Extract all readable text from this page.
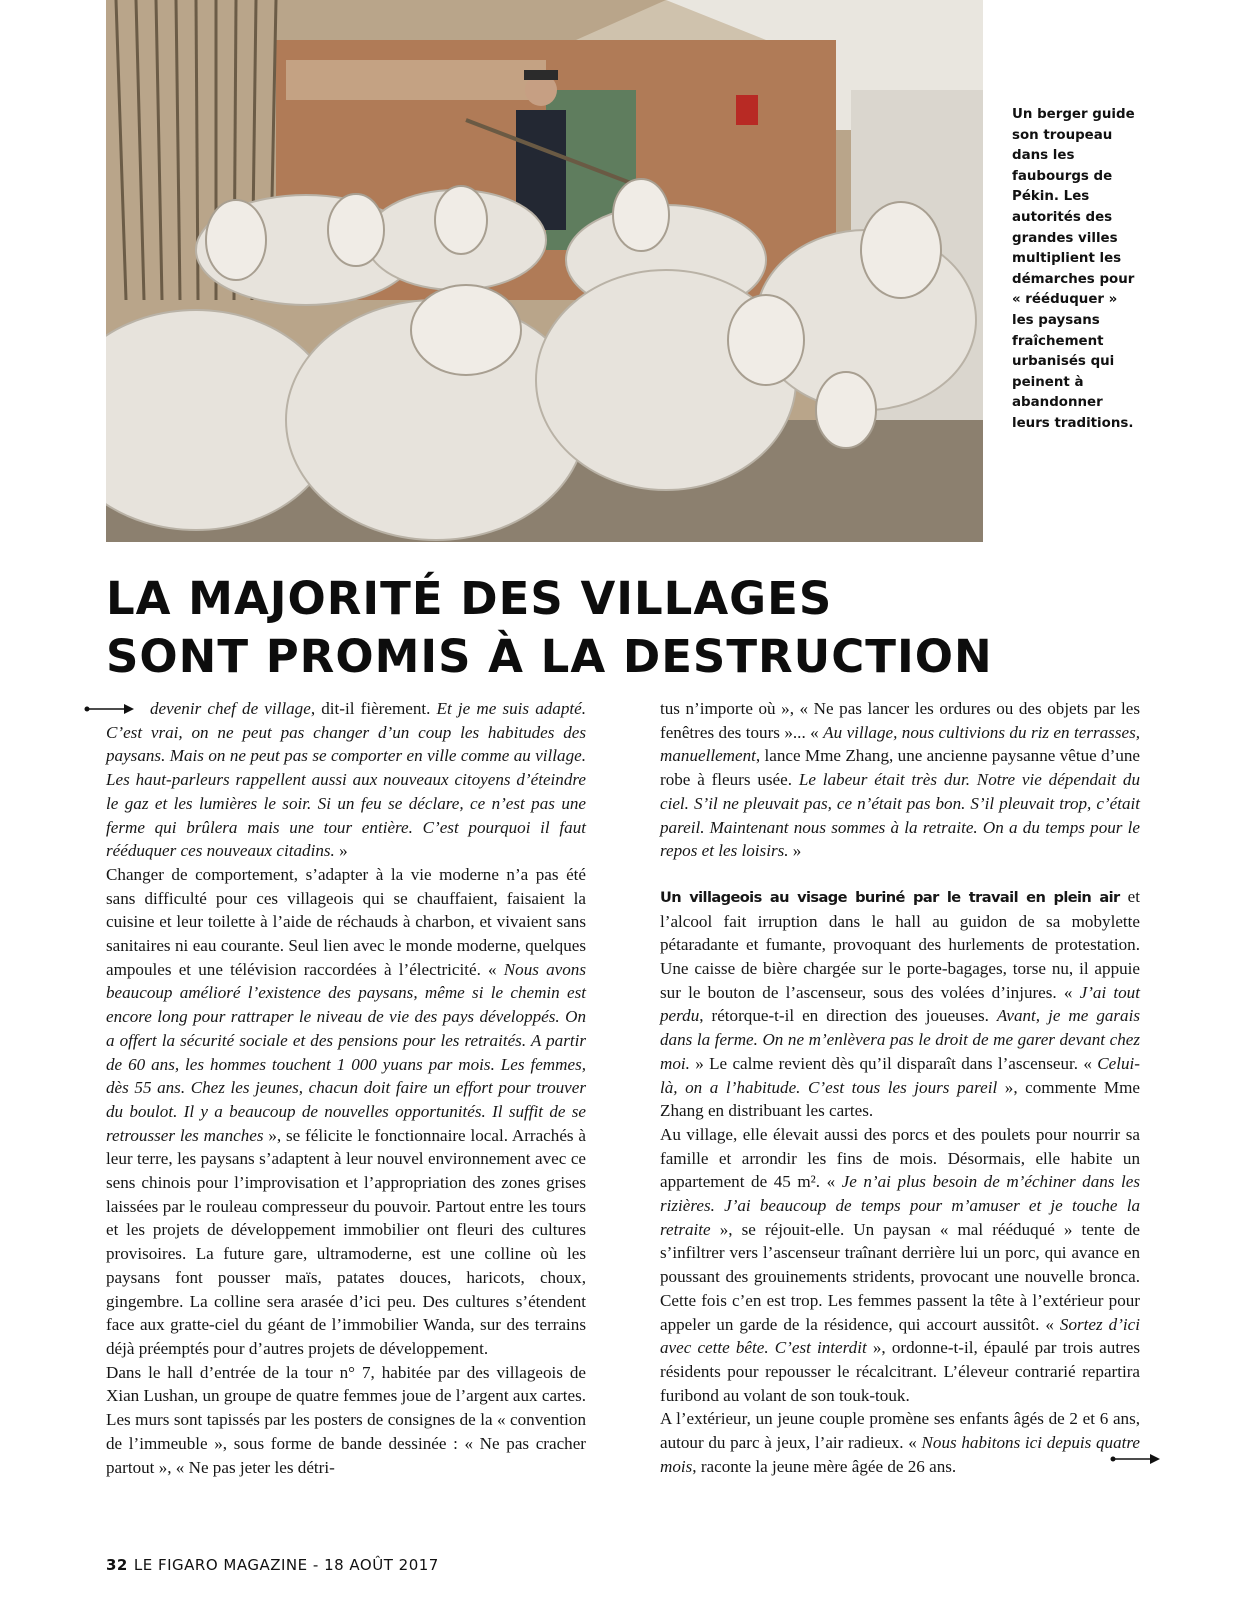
Un berger guide
son troupeau
dans les
faubourgs de
Pékin. Les
autorités des
grandes villes
multiplient les
démarches pour
« rééduquer »
les paysans
fraîchement
urbanisés qui
peinent à
abandonner
leurs traditions.
LA MAJORITÉ DES VILLAGES
SONT PROMIS À LA DESTRUCTION

devenir chef de village, dit-il fièrement. Et je me suis adapté. C’est vrai, on ne peut pas changer d’un coup les habitudes des paysans. Mais on ne peut pas se comporter en ville comme au village. Les haut-parleurs rappellent aussi aux nouveaux citoyens d’éteindre le gaz et les lumières le soir. Si un feu se déclare, ce n’est pas une ferme qui brûlera mais une tour entière. C’est pourquoi il faut rééduquer ces nouveaux citadins. »

Changer de comportement, s’adapter à la vie moderne n’a pas été sans difficulté pour ces villageois qui se chauffaient, faisaient la cuisine et leur toilette à l’aide de réchauds à charbon, et vivaient sans sanitaires ni eau courante. Seul lien avec le monde moderne, quelques ampoules et une télévision raccordées à l’électricité. « Nous avons beaucoup amélioré l’existence des paysans, même si le chemin est encore long pour rattraper le niveau de vie des pays développés. On a offert la sécurité sociale et des pensions pour les retraités. A partir de 60 ans, les hommes touchent 1 000 yuans par mois. Les femmes, dès 55 ans. Chez les jeunes, chacun doit faire un effort pour trouver du boulot. Il y a beaucoup de nouvelles opportunités. Il suffit de se retrousser les manches », se félicite le fonctionnaire local. Arrachés à leur terre, les paysans s’adaptent à leur nouvel environnement avec ce sens chinois pour l’improvisation et l’appropriation des zones grises laissées par le rouleau compresseur du pouvoir. Partout entre les tours et les projets de développement immobilier ont fleuri des cultures provisoires. La future gare, ultramoderne, est une colline où les paysans font pousser maïs, patates douces, haricots, choux, gingembre. La colline sera arasée d’ici peu. Des cultures s’étendent face aux gratte-ciel du géant de l’immobilier Wanda, sur des terrains déjà préemptés pour d’autres projets de développement.

Dans le hall d’entrée de la tour n° 7, habitée par des villageois de Xian Lushan, un groupe de quatre femmes joue de l’argent aux cartes. Les murs sont tapissés par les posters de consignes de la « convention de l’immeuble », sous forme de bande dessinée : « Ne pas cracher partout », « Ne pas jeter les détri-

tus n’importe où », « Ne pas lancer les ordures ou des objets par les fenêtres des tours »... « Au village, nous cultivions du riz en terrasses, manuellement, lance Mme Zhang, une ancienne paysanne vêtue d’une robe à fleurs usée. Le labeur était très dur. Notre vie dépendait du ciel. S’il ne pleuvait pas, ce n’était pas bon. S’il pleuvait trop, c’était pareil. Maintenant nous sommes à la retraite. On a du temps pour le repos et les loisirs. »

Un villageois au visage buriné par le travail en plein air et l’alcool fait irruption dans le hall au guidon de sa mobylette pétaradante et fumante, provoquant des hurlements de protestation. Une caisse de bière chargée sur le porte-bagages, torse nu, il appuie sur le bouton de l’ascenseur, sous des volées d’injures. « J’ai tout perdu, rétorque-t-il en direction des joueuses. Avant, je me garais dans la ferme. On ne m’enlèvera pas le droit de me garer devant chez moi. » Le calme revient dès qu’il disparaît dans l’ascenseur. « Celui-là, on a l’habitude. C’est tous les jours pareil », commente Mme Zhang en distribuant les cartes.

Au village, elle élevait aussi des porcs et des poulets pour nourrir sa famille et arrondir les fins de mois. Désormais, elle habite un appartement de 45 m². « Je n’ai plus besoin de m’échiner dans les rizières. J’ai beaucoup de temps pour m’amuser et je touche la retraite », se réjouit-elle. Un paysan « mal rééduqué » tente de s’infiltrer vers l’ascenseur traînant derrière lui un porc, qui avance en poussant des grouinements stridents, provocant une nouvelle bronca. Cette fois c’en est trop. Les femmes passent la tête à l’extérieur pour appeler un garde de la résidence, qui accourt aussitôt. « Sortez d’ici avec cette bête. C’est interdit », ordonne-t-il, épaulé par trois autres résidents pour repousser le récalcitrant. L’éleveur contrarié repartira furibond au volant de son touk-touk.

A l’extérieur, un jeune couple promène ses enfants âgés de 2 et 6 ans, autour du parc à jeux, l’air radieux. « Nous habitons ici depuis quatre mois, raconte la jeune mère âgée de 26 ans.

32 LE FIGARO MAGAZINE - 18 AOÛT 2017
